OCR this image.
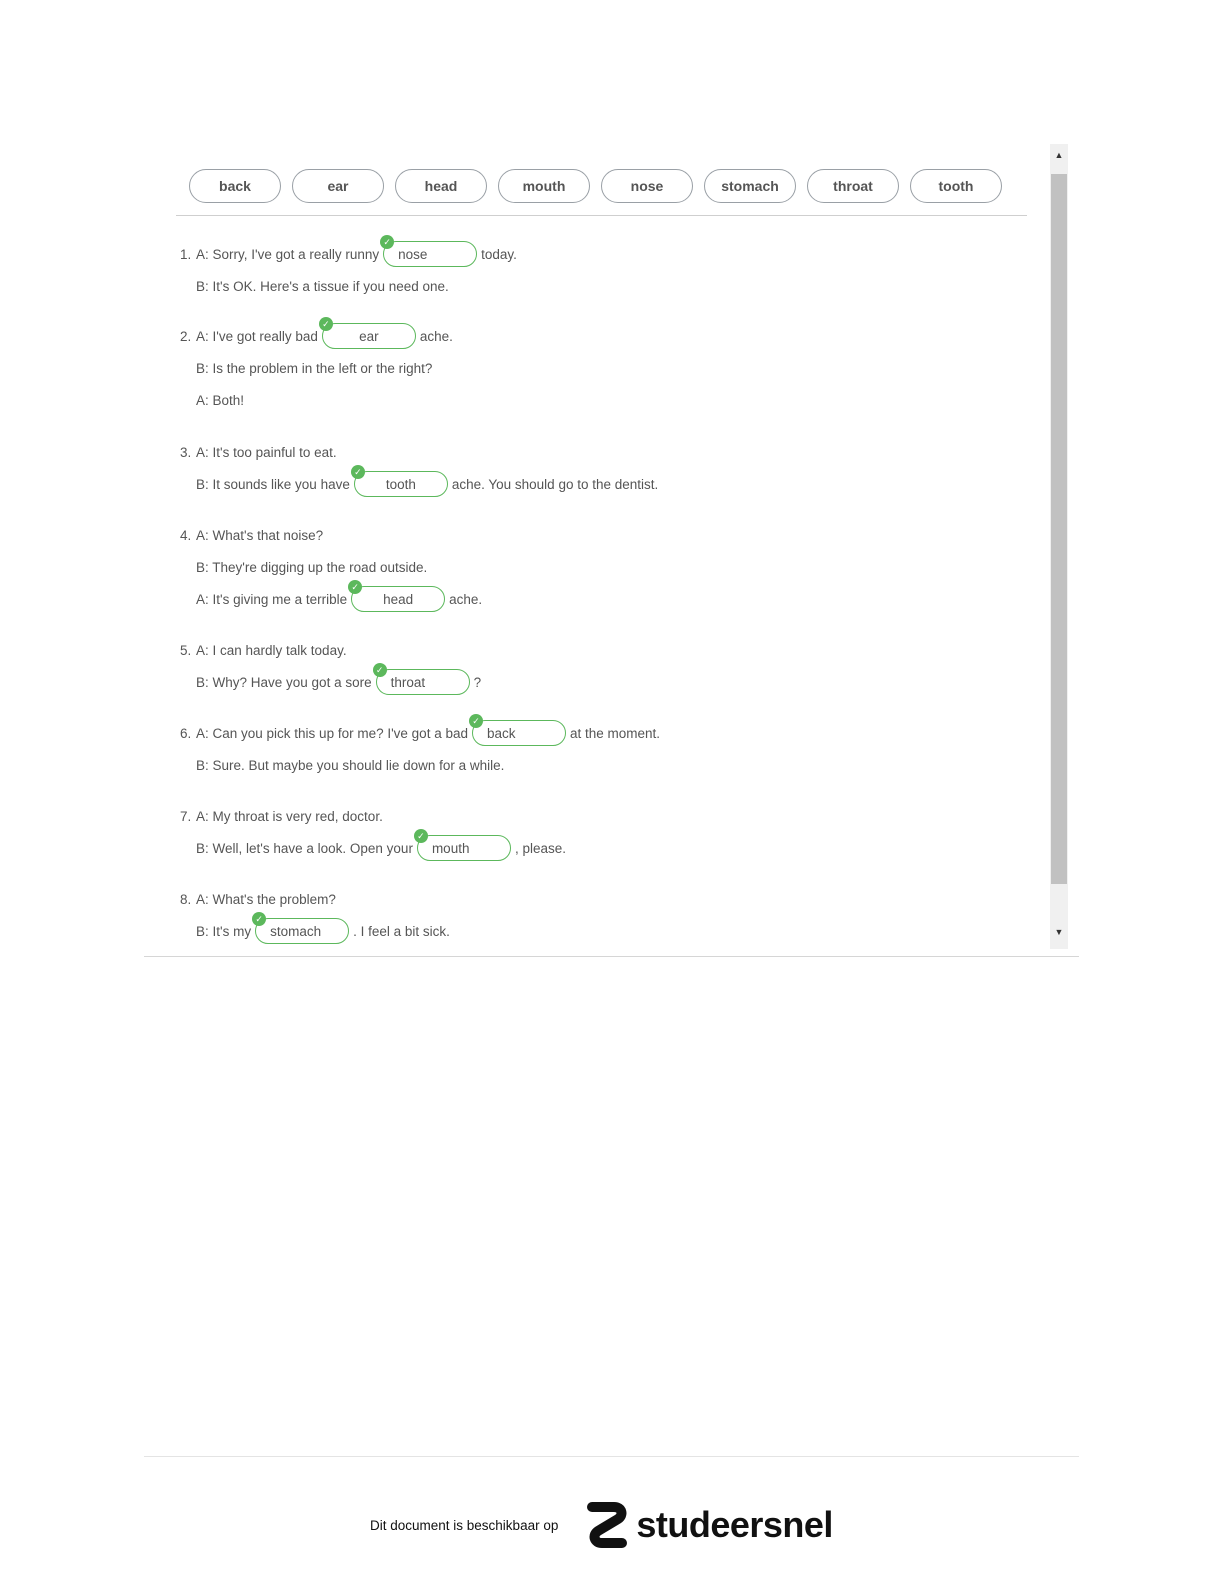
back	ear	head	mouth	nose	stomach	throat	tooth
1. A: Sorry, I've got a really runny
✓
nose	today.
B: It's OK. Here's a tissue if you need one.
2. A: I've got really bad
✓
ear	ache.
B: Is the problem in the left or the right?
A: Both!
3. A: It's too painful to eat.
B: It sounds like you have
✓
tooth	ache. You should go to the dentist.
4. A: What's that noise?
B: They're digging up the road outside.
A: It's giving me a terrible
✓
head	ache.
5. A: I can hardly talk today.
B: Why? Have you got a sore
✓
throat	?
6. A: Can you pick this up for me? I've got a bad
✓
back	at the moment.
B: Sure. But maybe you should lie down for a while.
7. A: My throat is very red, doctor.
B: Well, let's have a look. Open your
✓
mouth	, please.
8. A: What's the problem?
B: It's my
✓
stomach . I feel a bit sick.
▲
▼
Dit document is beschikbaar op studeersnel
